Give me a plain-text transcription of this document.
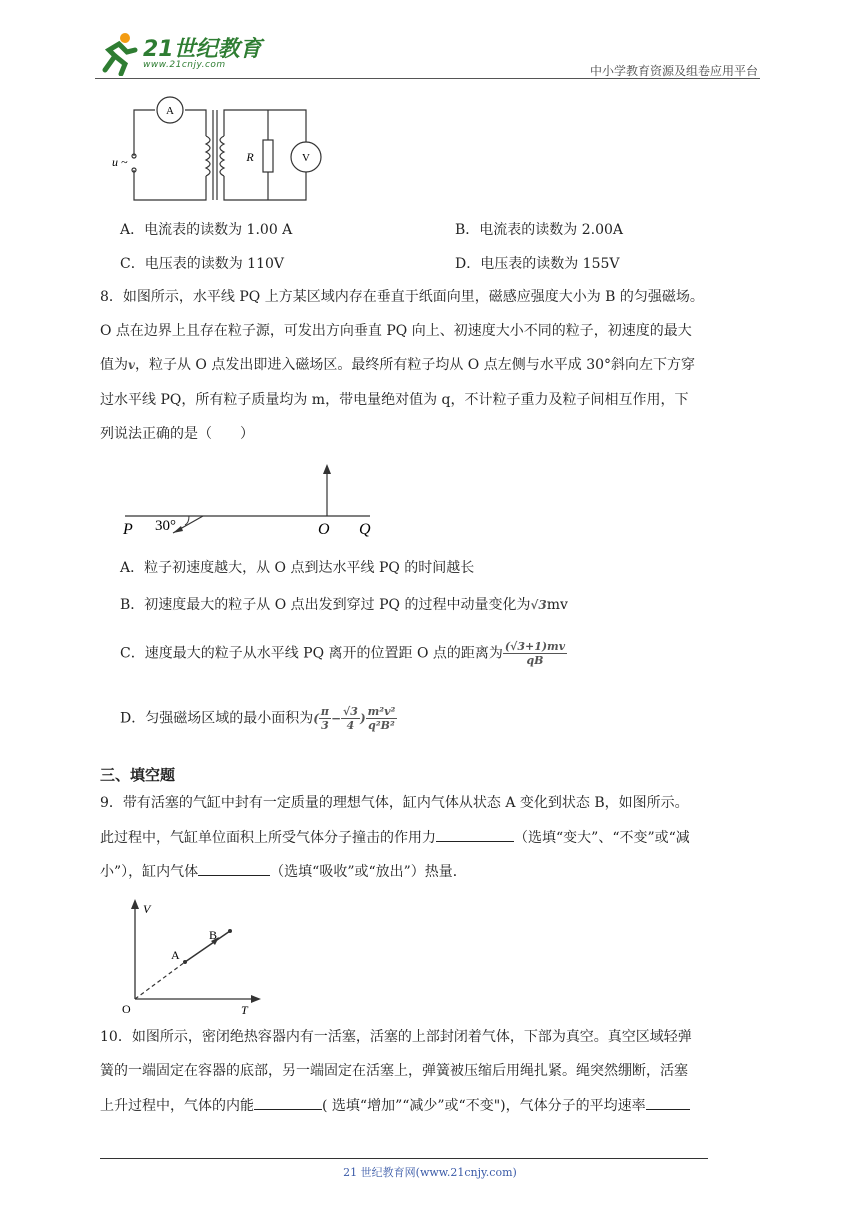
21世纪教育
www.21cnjy.com	中小学教育资源及组卷应用平台
A
V
R
u ~
A．电流表的读数为 1.00 A	B．电流表的读数为 2.00A
C．电压表的读数为 110V	D．电压表的读数为 155V
8．如图所示，水平线 PQ 上方某区域内存在垂直于纸面向里，磁感应强度大小为 B 的匀强磁场。
O 点在边界上且存在粒子源，可发出方向垂直 PQ 向上、初速度大小不同的粒子，初速度的最大
值为v，粒子从 O 点发出即进入磁场区。最终所有粒子均从 O 点左侧与水平成 30°斜向左下方穿
过水平线 PQ，所有粒子质量均为 m，带电量绝对值为 q，不计粒子重力及粒子间相互作用，下
列说法正确的是（　　）
P 30°	O Q
A．粒子初速度越大，从 O 点到达水平线 PQ 的时间越长
B．初速度最大的粒子从 O 点出发到穿过 PQ 的过程中动量变化为√3mv
C．速度最大的粒子从水平线 PQ 离开的位置距 O 点的距离为 $\frac{(√3+1)mv}{qB}$
D．匀强磁场区域的最小面积为( $\frac{\pi}{3} - \frac{√3}{4}$ ) $\frac{\text{m²v²}}{\text{q²B²}}$
三、填空题
9．带有活塞的气缸中封有一定质量的理想气体，缸内气体从状态 A 变化到状态 B，如图所示。
此过程中，气缸单位面积上所受气体分子撞击的作用力	（选填“变大”、“不变”或“减
小”），缸内气体	（选填“吸收”或“放出”）热量．
V
T
O
A
B
10．如图所示，密闭绝热容器内有一活塞，活塞的上部封闭着气体，下部为真空。真空区域轻弹
簧的一端固定在容器的底部，另一端固定在活塞上，弹簧被压缩后用绳扎紧。绳突然绷断，活塞
上升过程中，气体的内能	( 选填“增加”“减少”或“不变")，气体分子的平均速率
21 世纪教育网(www.21cnjy.com)
